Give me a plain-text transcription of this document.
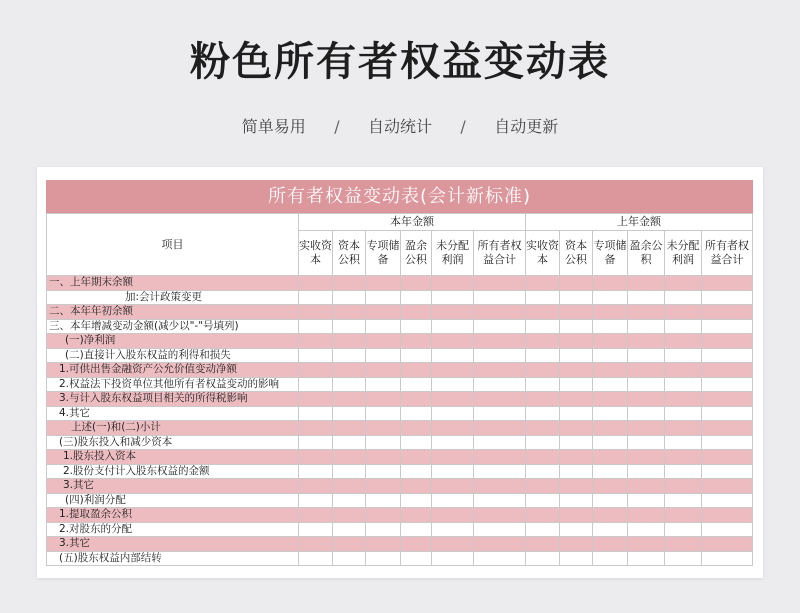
粉色所有者权益变动表
简单易用 / 自动统计 / 自动更新
所有者权益变动表(会计新标准)
项目	本年金额						上年金额					
	实收资本	资本公积	专项储备	盈余公积	未分配利润	所有者权益合计	实收资本	资本公积	专项储备	盈余公积	未分配利润	所有者权益合计
一、上年期末余额												
加:会计政策变更												
二、本年年初余额												
三、本年增减变动金额(减少以"-"号填列)												
(一)净利润												
(二)直接计入股东权益的利得和损失												
1.可供出售金融资产公允价值变动净额												
2.权益法下投资单位其他所有者权益变动的影响												
3.与计入股东权益项目相关的所得税影响												
4.其它												
上述(一)和(二)小计												
(三)股东投入和减少资本												
1.股东投入资本												
2.股份支付计入股东权益的金额												
3.其它												
(四)利润分配												
1.提取盈余公积												
2.对股东的分配												
3.其它												
(五)股东权益内部结转												
